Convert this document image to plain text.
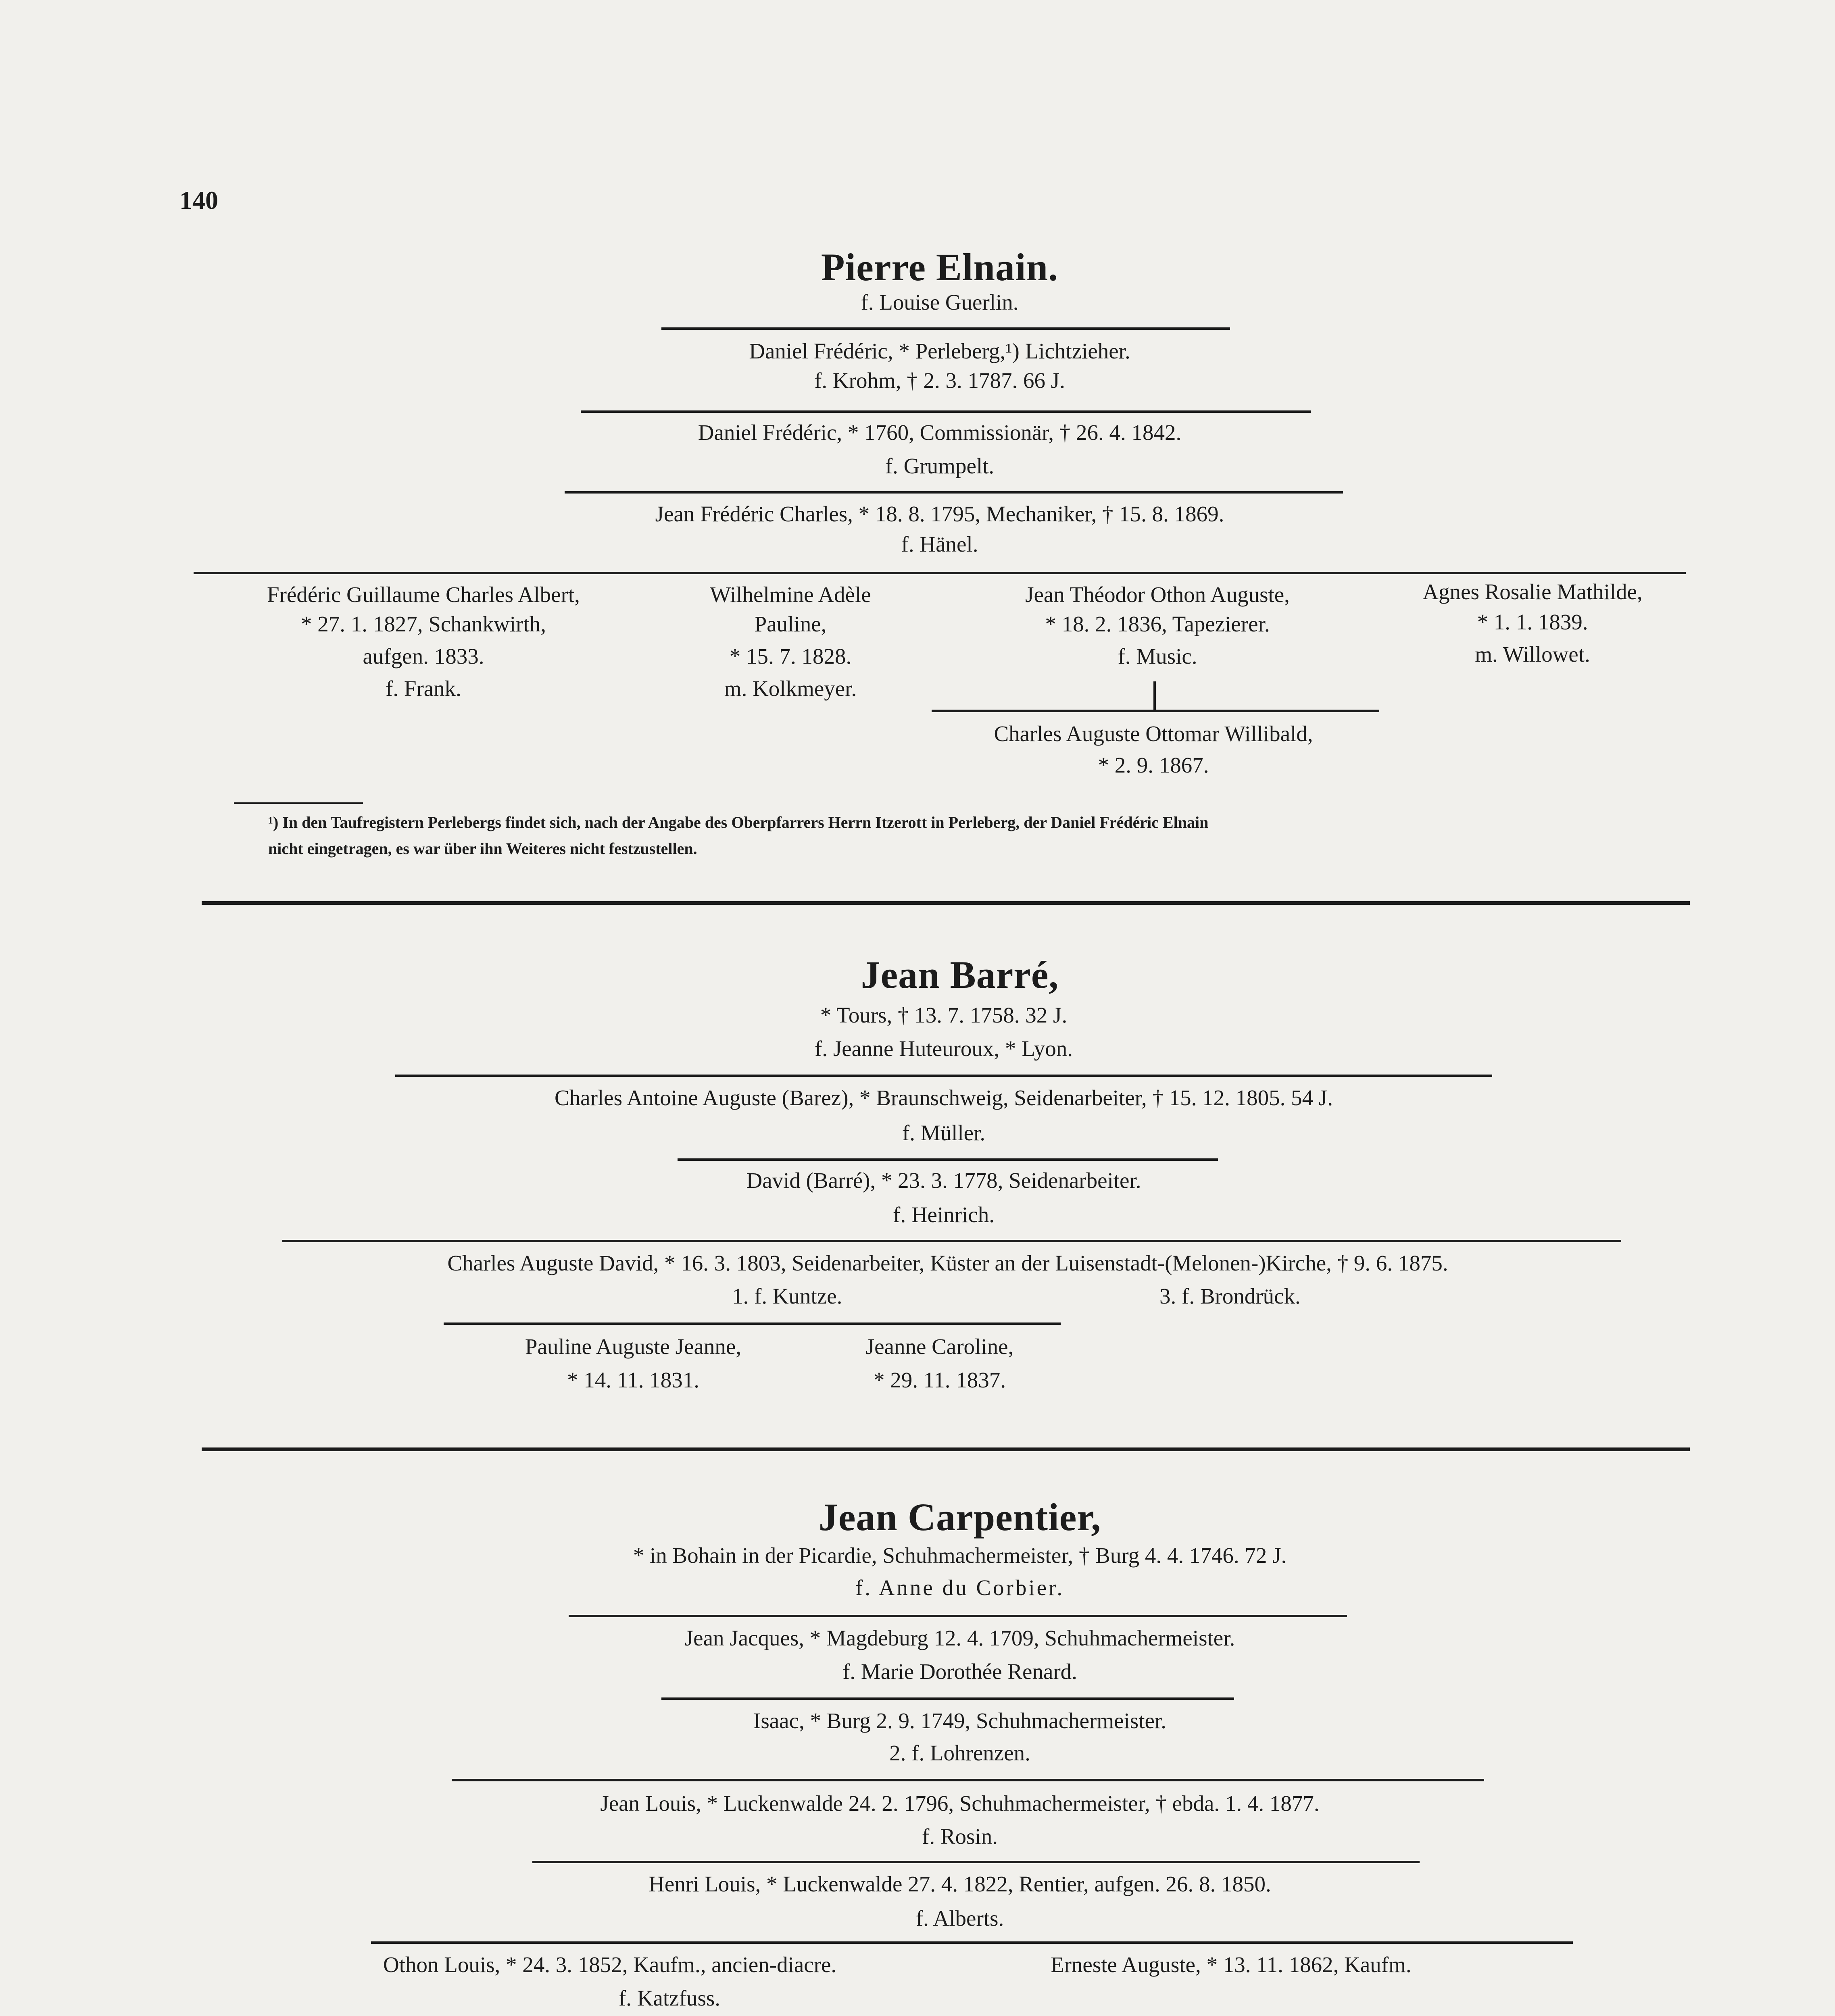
140
Pierre Elnain.
f. Louise Guerlin.
Daniel Frédéric, * Perleberg,¹) Lichtzieher.
f. Krohm, † 2. 3. 1787. 66 J.
Daniel Frédéric, * 1760, Commissionär, † 26. 4. 1842.
f. Grumpelt.
Jean Frédéric Charles, * 18. 8. 1795, Mechaniker, † 15. 8. 1869.
f. Hänel.
Frédéric Guillaume Charles Albert,
* 27. 1. 1827, Schankwirth,
aufgen. 1833.
f. Frank.
Wilhelmine Adèle
Pauline,
* 15. 7. 1828.
m. Kolkmeyer.
Jean Théodor Othon Auguste,
* 18. 2. 1836, Tapezierer.
f. Music.
Agnes Rosalie Mathilde,
* 1. 1. 1839.
m. Willowet.
Charles Auguste Ottomar Willibald,
* 2. 9. 1867.
¹) In den Taufregistern Perlebergs findet sich, nach der Angabe des Oberpfarrers Herrn Itzerott in Perleberg, der Daniel Frédéric Elnain
nicht eingetragen, es war über ihn Weiteres nicht festzustellen.
Jean Barré,
* Tours, † 13. 7. 1758. 32 J.
f. Jeanne Huteuroux, * Lyon.
Charles Antoine Auguste (Barez), * Braunschweig, Seidenarbeiter, † 15. 12. 1805. 54 J.
f. Müller.
David (Barré), * 23. 3. 1778, Seidenarbeiter.
f. Heinrich.
Charles Auguste David, * 16. 3. 1803, Seidenarbeiter, Küster an der Luisenstadt-(Melonen-)Kirche, † 9. 6. 1875.
1. f. Kuntze.	3. f. Brondrück.
Pauline Auguste Jeanne,
* 14. 11. 1831.
Jeanne Caroline,
* 29. 11. 1837.
Jean Carpentier,
* in Bohain in der Picardie, Schuhmachermeister, † Burg 4. 4. 1746. 72 J.
f. Anne du Corbier.
Jean Jacques, * Magdeburg 12. 4. 1709, Schuhmachermeister.
f. Marie Dorothée Renard.
Isaac, * Burg 2. 9. 1749, Schuhmachermeister.
2. f. Lohrenzen.
Jean Louis, * Luckenwalde 24. 2. 1796, Schuhmachermeister, † ebda. 1. 4. 1877.
f. Rosin.
Henri Louis, * Luckenwalde 27. 4. 1822, Rentier, aufgen. 26. 8. 1850.
f. Alberts.
Othon Louis, * 24. 3. 1852, Kaufm., ancien-diacre.
f. Katzfuss.
Erneste Auguste, * 13. 11. 1862, Kaufm.
